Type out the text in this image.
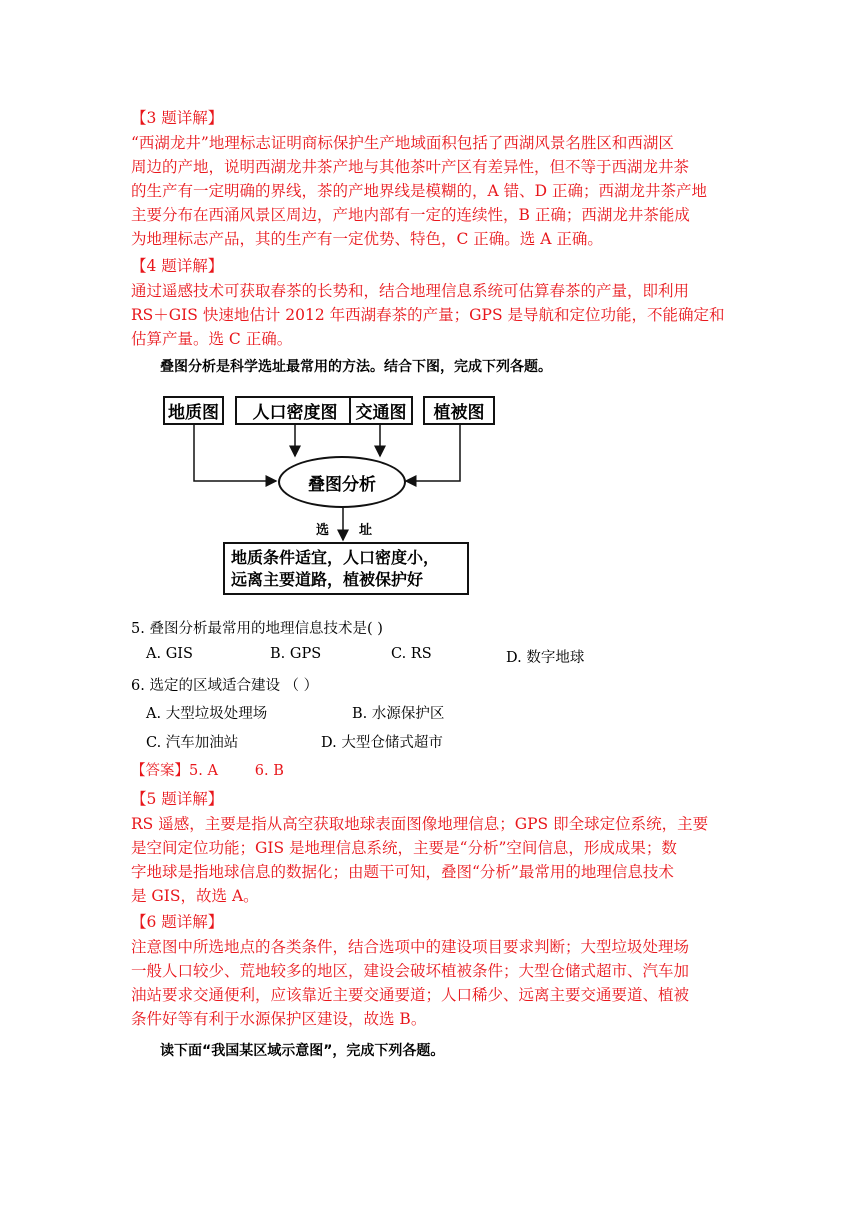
【3 题详解】
“西湖龙井”地理标志证明商标保护生产地域面积包括了西湖风景名胜区和西湖区
周边的产地，说明西湖龙井茶产地与其他茶叶产区有差异性，但不等于西湖龙井茶
的生产有一定明确的界线，茶的产地界线是模糊的，A 错、D 正确；西湖龙井茶产地
主要分布在西涌风景区周边，产地内部有一定的连续性，B 正确；西湖龙井茶能成
为地理标志产品，其的生产有一定优势、特色，C 正确。选 A 正确。
【4 题详解】
通过遥感技术可获取春茶的长势和，结合地理信息系统可估算春茶的产量，即利用
RS＋GIS 快速地估计 2012 年西湖春茶的产量；GPS 是导航和定位功能，不能确定和
估算产量。选 C 正确。
叠图分析是科学选址最常用的方法。结合下图，完成下列各题。
地质图	人口密度图	交通图	植被图
叠图分析
选 址
地质条件适宜，人口密度小，
远离主要道路，植被保护好
5. 叠图分析最常用的地理信息技术是( )
A. GIS	B. GPS	C. RS	D. 数字地球
6. 选定的区域适合建设 （ ）
A. 大型垃圾处理场	B. 水源保护区
C. 汽车加油站	D. 大型仓储式超市
【答案】5. A        6. B
【5 题详解】
RS 遥感，主要是指从高空获取地球表面图像地理信息；GPS 即全球定位系统，主要
是空间定位功能；GIS 是地理信息系统，主要是“分析”空间信息，形成成果；数
字地球是指地球信息的数据化；由题干可知，叠图“分析”最常用的地理信息技术
是 GIS，故选 A。
【6 题详解】
注意图中所选地点的各类条件，结合选项中的建设项目要求判断；大型垃圾处理场
一般人口较少、荒地较多的地区，建设会破坏植被条件；大型仓储式超市、汽车加
油站要求交通便利，应该靠近主要交通要道；人口稀少、远离主要交通要道、植被
条件好等有利于水源保护区建设，故选 B。
读下面“我国某区域示意图”，完成下列各题。
